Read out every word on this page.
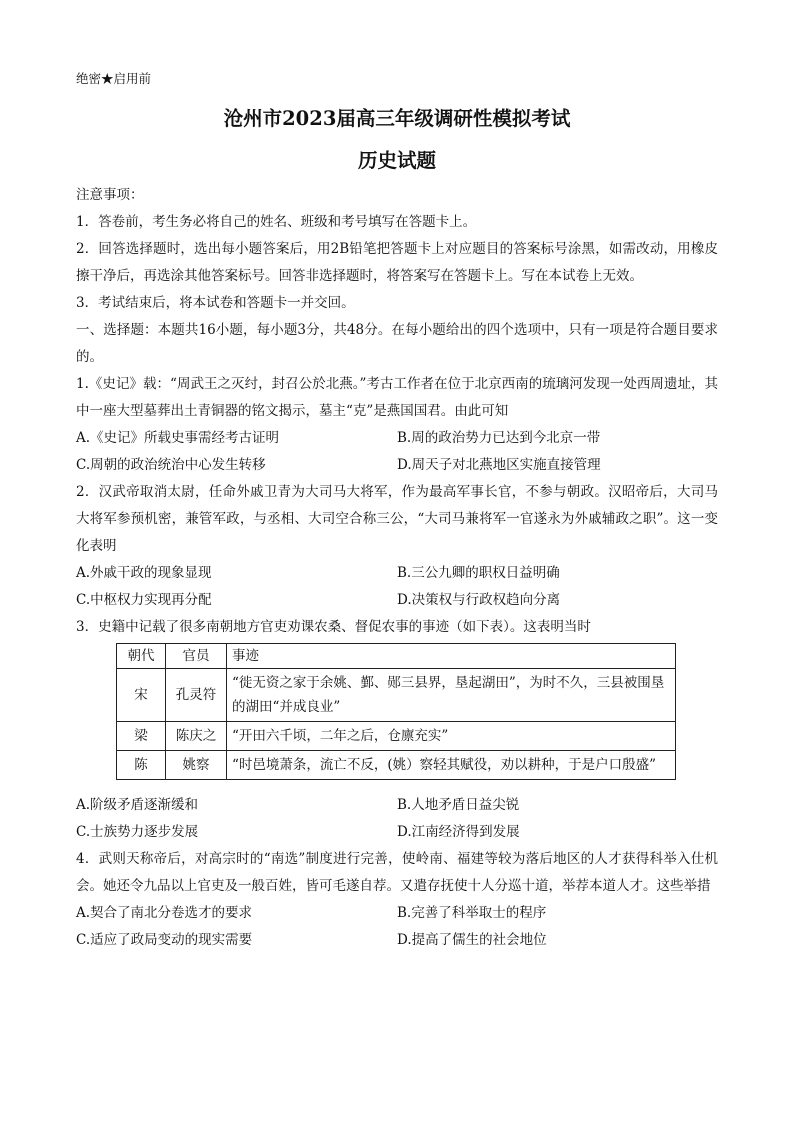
绝密★启用前
沧州市2023届高三年级调研性模拟考试
历史试题

注意事项：

1．答卷前，考生务必将自己的姓名、班级和考号填写在答题卡上。

2．回答选择题时，选出每小题答案后，用2B铅笔把答题卡上对应题目的答案标号涂黑，如需改动，用橡皮擦干净后，再选涂其他答案标号。回答非选择题时，将答案写在答题卡上。写在本试卷上无效。

3．考试结束后，将本试卷和答题卡一并交回。

一、选择题：本题共16小题，每小题3分，共48分。在每小题给出的四个选项中，只有一项是符合题目要求的。

1.《史记》载：“周武王之灭纣，封召公於北燕。”考古工作者在位于北京西南的琉璃河发现一处西周遗址，其中一座大型墓葬出土青铜器的铭文揭示，墓主“克”是燕国国君。由此可知

A.《史记》所载史事需经考古证明	B.周的政治势力已达到今北京一带
C.周朝的政治统治中心发生转移	D.周天子对北燕地区实施直接管理

2．汉武帝取消太尉，任命外戚卫青为大司马大将军，作为最高军事长官，不参与朝政。汉昭帝后，大司马大将军参预机密，兼管军政，与丞相、大司空合称三公，“大司马兼将军一官遂永为外戚辅政之职”。这一变化表明

A.外戚干政的现象显现	B.三公九卿的职权日益明确
C.中枢权力实现再分配	D.决策权与行政权趋向分离

3．史籍中记载了很多南朝地方官吏劝课农桑、督促农事的事迹（如下表）。这表明当时

朝代	官员	事迹
宋	孔灵符	“徙无资之家于余姚、鄞、郧三县界，垦起湖田”，为时不久，三县被围垦的湖田“并成良业”
梁	陈庆之	“开田六千顷，二年之后，仓廪充实”
陈	姚察	“时邑境萧条，流亡不反，(姚）察轻其赋役，劝以耕种，于是户口殷盛”
A.阶级矛盾逐渐缓和	B.人地矛盾日益尖锐
C.士族势力逐步发展	D.江南经济得到发展

4．武则天称帝后，对高宗时的“南选”制度进行完善，使岭南、福建等较为落后地区的人才获得科举入仕机会。她还令九品以上官吏及一般百姓，皆可毛遂自荐。又遣存抚使十人分巡十道，举荐本道人才。这些举措

A.契合了南北分卷选才的要求	B.完善了科举取士的程序
C.适应了政局变动的现实需要	D.提高了儒生的社会地位
